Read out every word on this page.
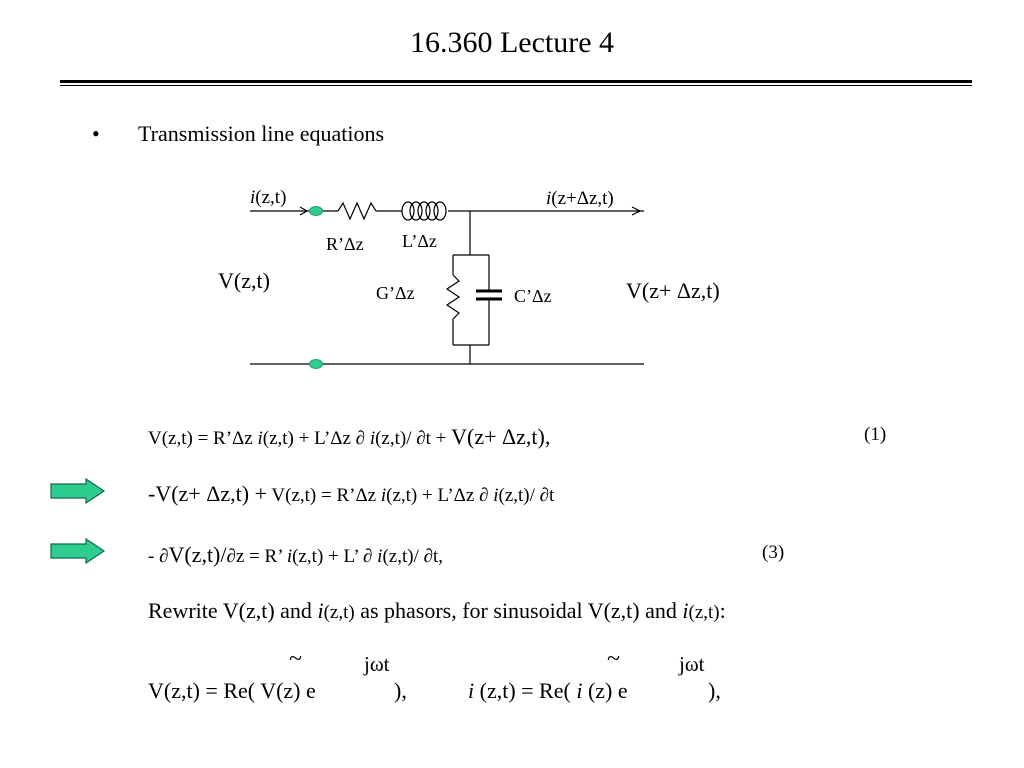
16.360 Lecture 4
• Transmission line equations
i(z,t)	i(z+Δz,t)
R’Δz L’Δz
G’Δz	C’Δz
V(z,t)	V(z+ Δz,t)
V(z,t) = R’Δz i(z,t) + L’Δz ∂ i(z,t)/ ∂t + V(z+ Δz,t),	(1)
-V(z+ Δz,t) + V(z,t) = R’Δz i(z,t) + L’Δz ∂ i(z,t)/ ∂t
- ∂V(z,t)/∂z = R’ i(z,t) + L’ ∂ i(z,t)/ ∂t,	(3)
Rewrite V(z,t) and i(z,t) as phasors, for sinusoidal V(z,t) and i(z,t):
V(z,t) = Re( V(z) e	),
jωt
~
i (z,t) = Re( i (z) e	),
jωt
~
